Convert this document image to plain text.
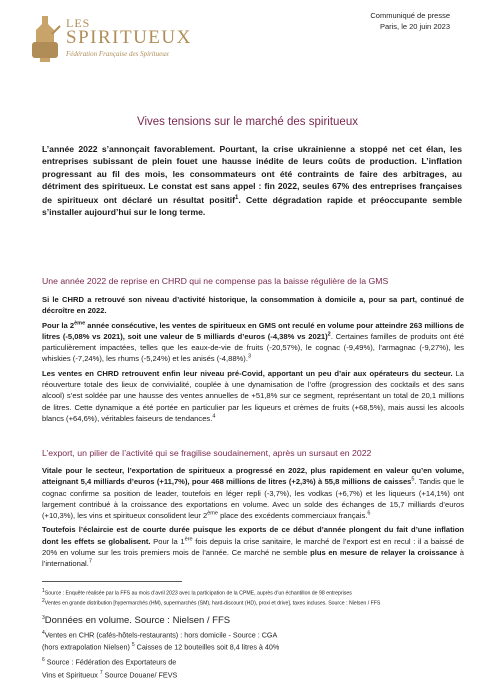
LES
SPIRITUEUX
Fédération Française des Spiritueux
Communiqué de presse
Paris, le 20 juin 2023
Vives tensions sur le marché des spiritueux
L’année 2022 s’annonçait favorablement. Pourtant, la crise ukrainienne a stoppé net cet élan, les entreprises subissant de plein fouet une hausse inédite de leurs coûts de production. L’inflation progressant au fil des mois, les consommateurs ont été contraints de faire des arbitrages, au détriment des spiritueux. Le constat est sans appel : fin 2022, seules 67% des entreprises françaises de spiritueux ont déclaré un résultat positif$^1$. Cette dégradation rapide et préoccupante semble s’installer aujourd’hui sur le long terme.
Une année 2022 de reprise en CHRD qui ne compense pas la baisse régulière de la GMS

Si le CHRD a retrouvé son niveau d’activité historique, la consommation à domicile a, pour sa part, continué de décroître en 2022.

Pour la 2ème année consécutive, les ventes de spiritueux en GMS ont reculé en volume pour atteindre 263 millions de litres (-5,08% vs 2021), soit une valeur de 5 milliards d’euros (-4,38% vs 2021)$^2$. Certaines familles de produits ont été particulièrement impactées, telles que les eaux-de-vie de fruits (-20,57%), le cognac (-9,49%), l’armagnac (-9,27%), les whiskies (-7,24%), les rhums (-5,24%) et les anisés (-4,88%).$^3$

Les ventes en CHRD retrouvent enfin leur niveau pré-Covid, apportant un peu d’air aux opérateurs du secteur. La réouverture totale des lieux de convivialité, couplée à une dynamisation de l’offre (progression des cocktails et des sans alcool) s’est soldée par une hausse des ventes annuelles de +51,8% sur ce segment, représentant un total de 20,1 millions de litres. Cette dynamique a été portée en particulier par les liqueurs et crèmes de fruits (+68,5%), mais aussi les alcools blancs (+64,6%), véritables faiseurs de tendances.$^4$

L’export, un pilier de l’activité qui se fragilise soudainement, après un sursaut en 2022

Vitale pour le secteur, l’exportation de spiritueux a progressé en 2022, plus rapidement en valeur qu’en volume, atteignant 5,4 milliards d’euros (+11,7%), pour 468 millions de litres (+2,3%) à 55,8 millions de caisses$^5$. Tandis que le cognac confirme sa position de leader, toutefois en léger repli (-3,7%), les vodkas (+6,7%) et les liqueurs (+14,1%) ont largement contribué à la croissance des exportations en volume. Avec un solde des échanges de 15,7 milliards d’euros (+10,3%), les vins et spiritueux consolident leur 2ème place des excédents commerciaux français.$^6$

Toutefois l’éclaircie est de courte durée puisque les exports de ce début d’année plongent du fait d’une inflation dont les effets se globalisent. Pour la 1ère fois depuis la crise sanitaire, le marché de l’export est en recul : il a baissé de 20% en volume sur les trois premiers mois de l’année. Ce marché ne semble plus en mesure de relayer la croissance à l’international.$^7$

$^1$Source : Enquête réalisée par la FFS au mois d’avril 2023 avec la participation de la CPME, auprès d’un échantillon de 98 entreprises
$^2$Ventes en grande distribution [hypermarchés (HM), supermarchés (SM), hard-discount (HD), proxi et drive], taxes incluses. Source : Nielsen / FFS
$^3$Données en volume. Source : Nielsen / FFS
$^4$Ventes en CHR (cafés-hôtels-restaurants) : hors domicile - Source : CGA
(hors extrapolation Nielsen) $^5$ Caisses de 12 bouteilles soit 8,4 litres à 40%
$^6$ Source : Fédération des Exportateurs de
Vins et Spiritueux $^7$ Source Douane/ FEVS
